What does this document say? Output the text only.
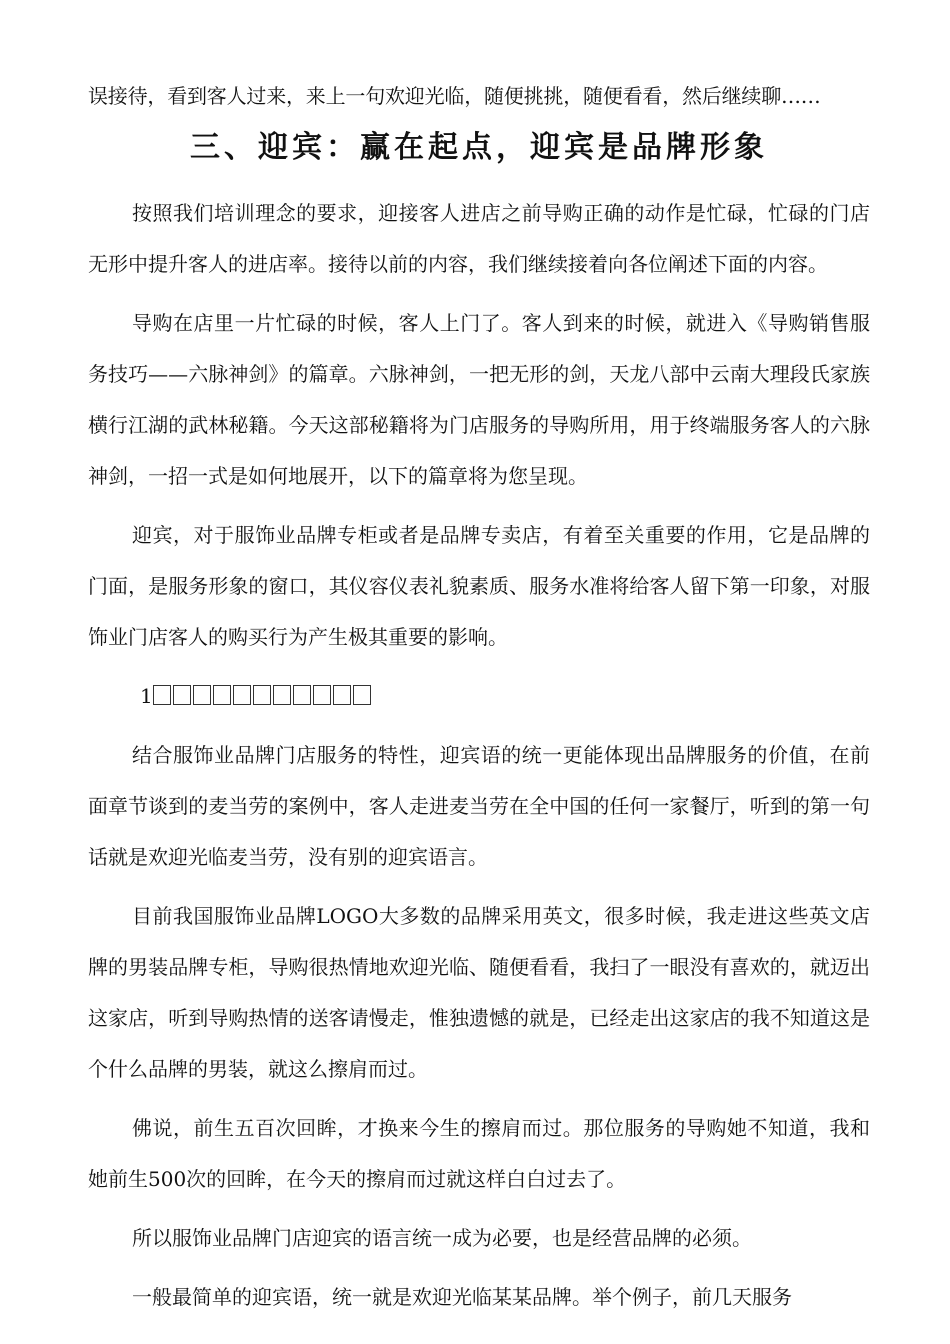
误接待，看到客人过来，来上一句欢迎光临，随便挑挑，随便看看，然后继续聊……
三、迎宾：赢在起点，迎宾是品牌形象

按照我们培训理念的要求，迎接客人进店之前导购正确的动作是忙碌，忙碌的门店无形中提升客人的进店率。接待以前的内容，我们继续接着向各位阐述下面的内容。

导购在店里一片忙碌的时候，客人上门了。客人到来的时候，就进入《导购销售服务技巧——六脉神剑》的篇章。六脉神剑，一把无形的剑，天龙八部中云南大理段氏家族横行江湖的武林秘籍。今天这部秘籍将为门店服务的导购所用，用于终端服务客人的六脉神剑，一招一式是如何地展开，以下的篇章将为您呈现。

迎宾，对于服饰业品牌专柜或者是品牌专卖店，有着至关重要的作用，它是品牌的门面，是服务形象的窗口，其仪容仪表礼貌素质、服务水准将给客人留下第一印象，对服饰业门店客人的购买行为产生极其重要的影响。

1

结合服饰业品牌门店服务的特性，迎宾语的统一更能体现出品牌服务的价值，在前面章节谈到的麦当劳的案例中，客人走进麦当劳在全中国的任何一家餐厅，听到的第一句话就是欢迎光临麦当劳，没有别的迎宾语言。

目前我国服饰业品牌LOGO大多数的品牌采用英文，很多时候，我走进这些英文店牌的男装品牌专柜，导购很热情地欢迎光临、随便看看，我扫了一眼没有喜欢的，就迈出这家店，听到导购热情的送客请慢走，惟独遗憾的就是，已经走出这家店的我不知道这是个什么品牌的男装，就这么擦肩而过。

佛说，前生五百次回眸，才换来今生的擦肩而过。那位服务的导购她不知道，我和她前生500次的回眸，在今天的擦肩而过就这样白白过去了。

所以服饰业品牌门店迎宾的语言统一成为必要，也是经营品牌的必须。

一般最简单的迎宾语，统一就是欢迎光临某某品牌。举个例子，前几天服务
